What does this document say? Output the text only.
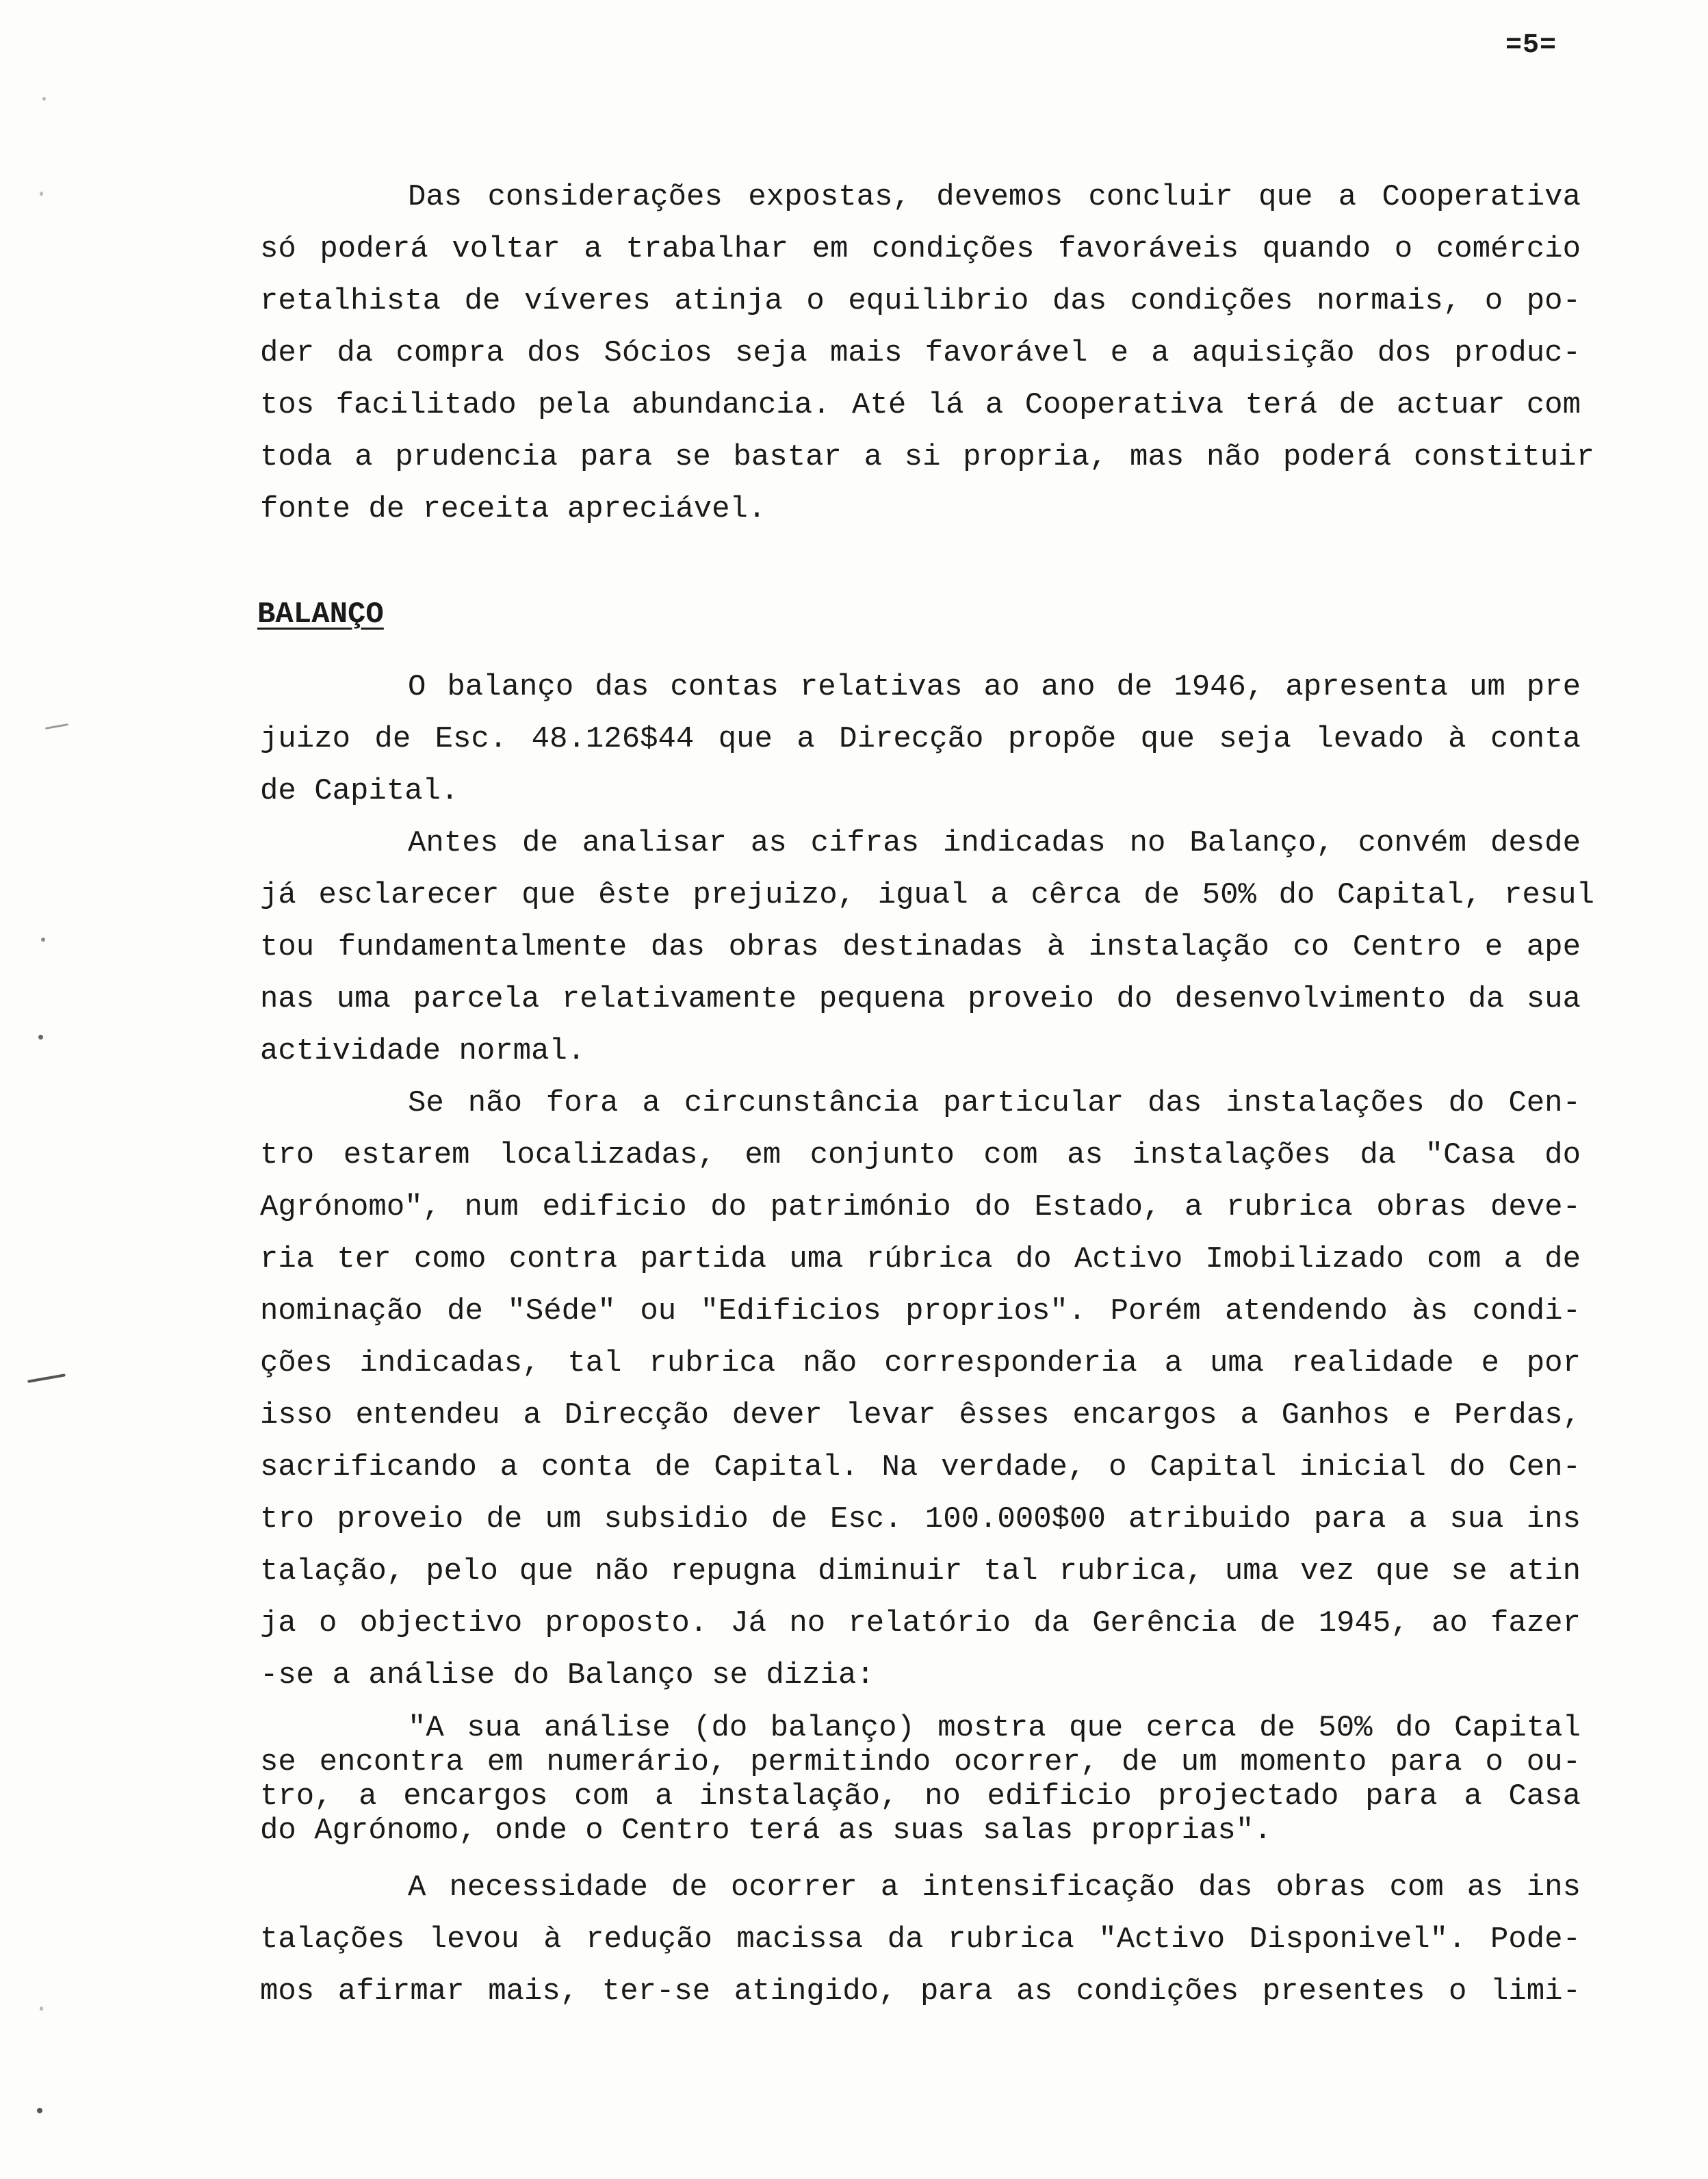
=5=
Das considerações expostas, devemos concluir que a Cooperativa
só poderá voltar a trabalhar em condições favoráveis quando o comércio
retalhista de víveres atinja o equilibrio das condições normais, o po-
der da compra dos Sócios seja mais favorável e a aquisição dos produc-
tos facilitado pela abundancia. Até lá a Cooperativa terá de actuar com
toda a prudencia para se bastar a si propria, mas não poderá constituir
fonte de receita apreciável.
BALANÇO
O balanço das contas relativas ao ano de 1946, apresenta um pre
juizo de Esc. 48.126$44 que a Direcção propõe que seja levado à conta
de Capital.
Antes de analisar as cifras indicadas no Balanço, convém desde
já esclarecer que êste prejuizo, igual a cêrca de 50% do Capital, resul
tou fundamentalmente das obras destinadas à instalação co Centro e ape
nas uma parcela relativamente pequena proveio do desenvolvimento da sua
actividade normal.
Se não fora a circunstância particular das instalações do Cen-
tro estarem localizadas, em conjunto com as instalações da "Casa do
Agrónomo", num edificio do património do Estado, a rubrica obras deve-
ria ter como contra partida uma rúbrica do Activo Imobilizado com a de
nominação de "Séde" ou "Edificios proprios". Porém atendendo às condi-
ções indicadas, tal rubrica não corresponderia a uma realidade e por
isso entendeu a Direcção dever levar êsses encargos a Ganhos e Perdas,
sacrificando a conta de Capital. Na verdade, o Capital inicial do Cen-
tro proveio de um subsidio de Esc. 100.000$00 atribuido para a sua ins
talação, pelo que não repugna diminuir tal rubrica, uma vez que se atin
ja o objectivo proposto. Já no relatório da Gerência de 1945, ao fazer
-se a análise do Balanço se dizia:
"A sua análise (do balanço) mostra que cerca de 50% do Capital
se encontra em numerário, permitindo ocorrer, de um momento para o ou-
tro, a encargos com a instalação, no edificio projectado para a Casa
do Agrónomo, onde o Centro terá as suas salas proprias".
A necessidade de ocorrer a intensificação das obras com as ins
talações levou à redução macissa da rubrica "Activo Disponivel". Pode-
mos afirmar mais, ter-se atingido, para as condições presentes o limi-
